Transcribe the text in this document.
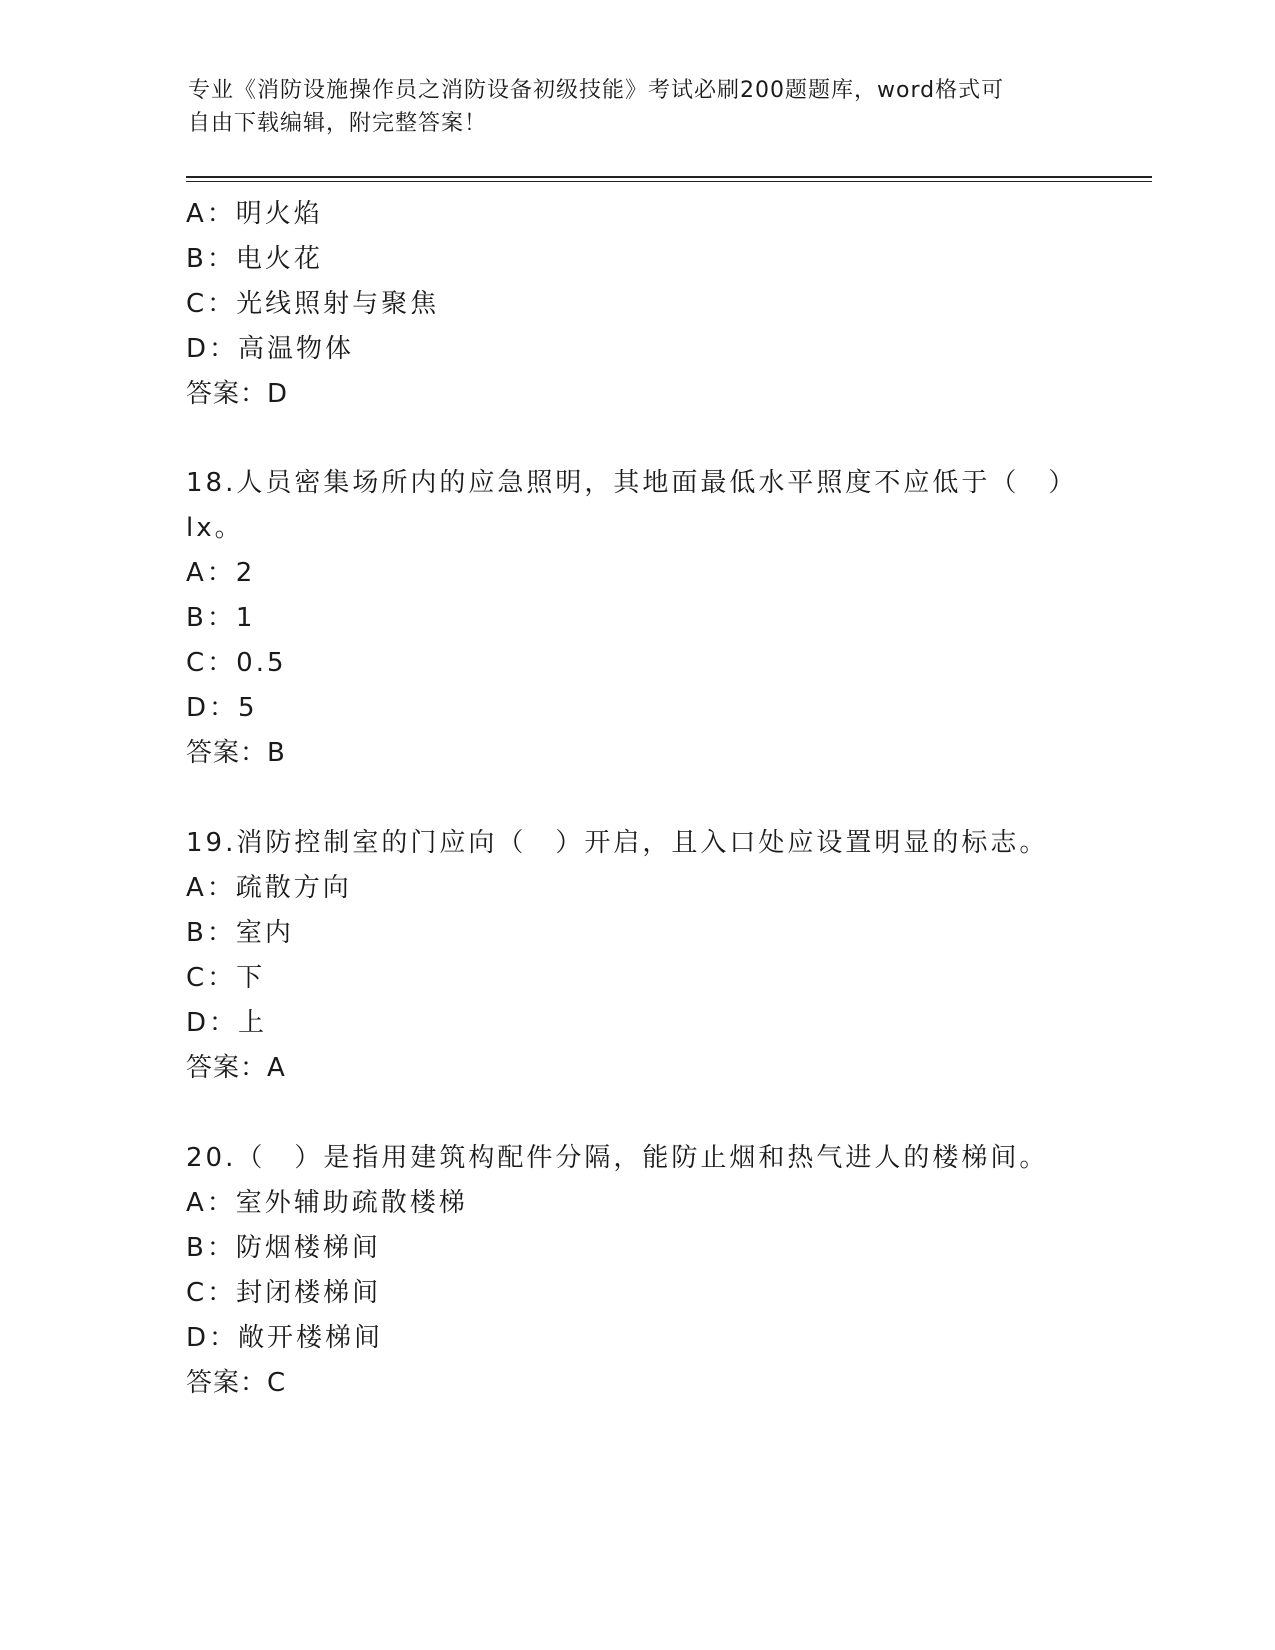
专业《消防设施操作员之消防设备初级技能》考试必刷200题题库，word格式可
自由下载编辑，附完整答案！
A：明火焰
B：电火花
C：光线照射与聚焦
D：高温物体
答案：D
18.人员密集场所内的应急照明，其地面最低水平照度不应低于（　）
lx。
A：2
B：1
C：0.5
D：5
答案：B
19.消防控制室的门应向（　）开启，且入口处应设置明显的标志。
A：疏散方向
B：室内
C：下
D：上
答案：A
20.（　）是指用建筑构配件分隔，能防止烟和热气进人的楼梯间。
A：室外辅助疏散楼梯
B：防烟楼梯间
C：封闭楼梯间
D：敞开楼梯间
答案：C
